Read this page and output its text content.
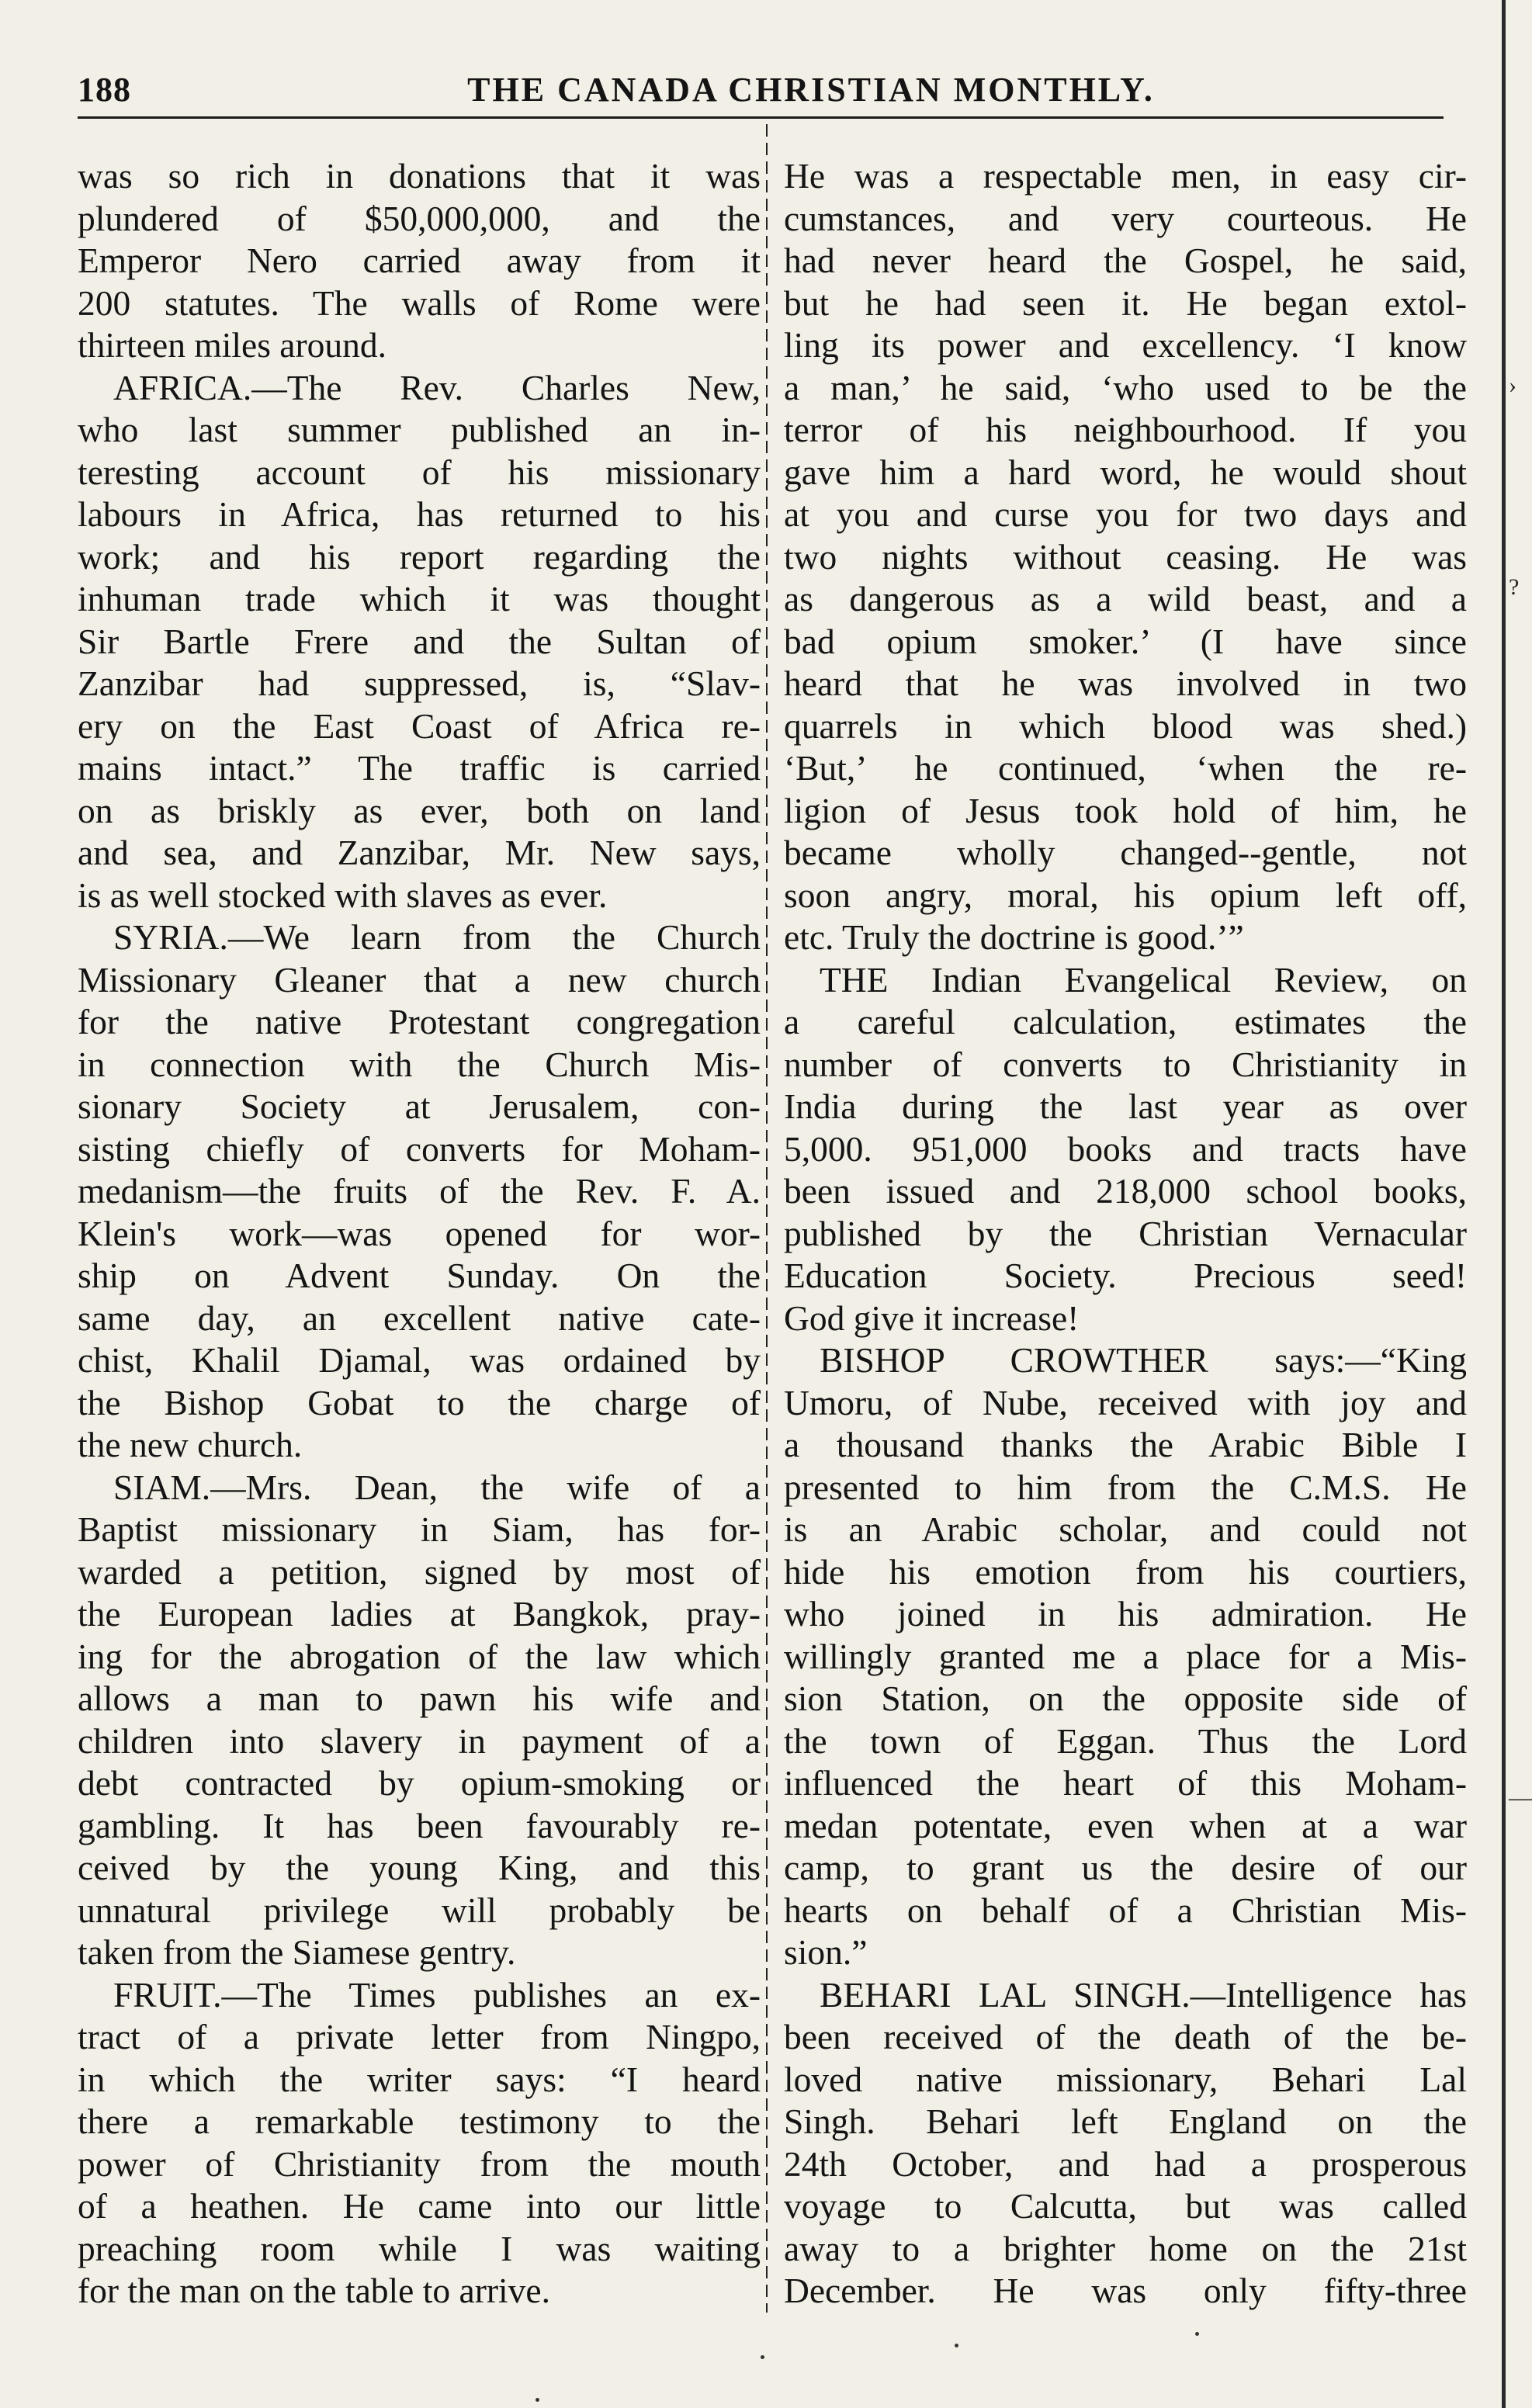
188	THE CANADA CHRISTIAN MONTHLY.
›
?
—
was so rich in donations that it was
plundered of $50,000,000, and the
Emperor Nero carried away from it
200 statutes. The walls of Rome were
thirteen miles around.
AFRICA.—The Rev. Charles New,
who last summer published an in-
teresting account of his missionary
labours in Africa, has returned to his
work; and his report regarding the
inhuman trade which it was thought
Sir Bartle Frere and the Sultan of
Zanzibar had suppressed, is, “Slav-
ery on the East Coast of Africa re-
mains intact.” The traffic is carried
on as briskly as ever, both on land
and sea, and Zanzibar, Mr. New says,
is as well stocked with slaves as ever.
SYRIA.—We learn from the Church
Missionary Gleaner that a new church
for the native Protestant congregation
in connection with the Church Mis-
sionary Society at Jerusalem, con-
sisting chiefly of converts for Moham-
medanism—the fruits of the Rev. F. A.
Klein's work—was opened for wor-
ship on Advent Sunday. On the
same day, an excellent native cate-
chist, Khalil Djamal, was ordained by
the Bishop Gobat to the charge of
the new church.
SIAM.—Mrs. Dean, the wife of a
Baptist missionary in Siam, has for-
warded a petition, signed by most of
the European ladies at Bangkok, pray-
ing for the abrogation of the law which
allows a man to pawn his wife and
children into slavery in payment of a
debt contracted by opium-smoking or
gambling. It has been favourably re-
ceived by the young King, and this
unnatural privilege will probably be
taken from the Siamese gentry.
FRUIT.—The Times publishes an ex-
tract of a private letter from Ningpo,
in which the writer says: “I heard
there a remarkable testimony to the
power of Christianity from the mouth
of a heathen. He came into our little
preaching room while I was waiting
for the man on the table to arrive.
He was a respectable men, in easy cir-
cumstances, and very courteous. He
had never heard the Gospel, he said,
but he had seen it. He began extol-
ling its power and excellency. ‘I know
a man,’ he said, ‘who used to be the
terror of his neighbourhood. If you
gave him a hard word, he would shout
at you and curse you for two days and
two nights without ceasing. He was
as dangerous as a wild beast, and a
bad opium smoker.’ (I have since
heard that he was involved in two
quarrels in which blood was shed.)
‘But,’ he continued, ‘when the re-
ligion of Jesus took hold of him, he
became wholly changed--gentle, not
soon angry, moral, his opium left off,
etc. Truly the doctrine is good.’”
THE Indian Evangelical Review, on
a careful calculation, estimates the
number of converts to Christianity in
India during the last year as over
5,000. 951,000 books and tracts have
been issued and 218,000 school books,
published by the Christian Vernacular
Education Society. Precious seed!
God give it increase!
BISHOP CROWTHER says:—“King
Umoru, of Nube, received with joy and
a thousand thanks the Arabic Bible I
presented to him from the C.M.S. He
is an Arabic scholar, and could not
hide his emotion from his courtiers,
who joined in his admiration. He
willingly granted me a place for a Mis-
sion Station, on the opposite side of
the town of Eggan. Thus the Lord
influenced the heart of this Moham-
medan potentate, even when at a war
camp, to grant us the desire of our
hearts on behalf of a Christian Mis-
sion.”
BEHARI LAL SINGH.—Intelligence has
been received of the death of the be-
loved native missionary, Behari Lal
Singh. Behari left England on the
24th October, and had a prosperous
voyage to Calcutta, but was called
away to a brighter home on the 21st
December. He was only fifty-three
